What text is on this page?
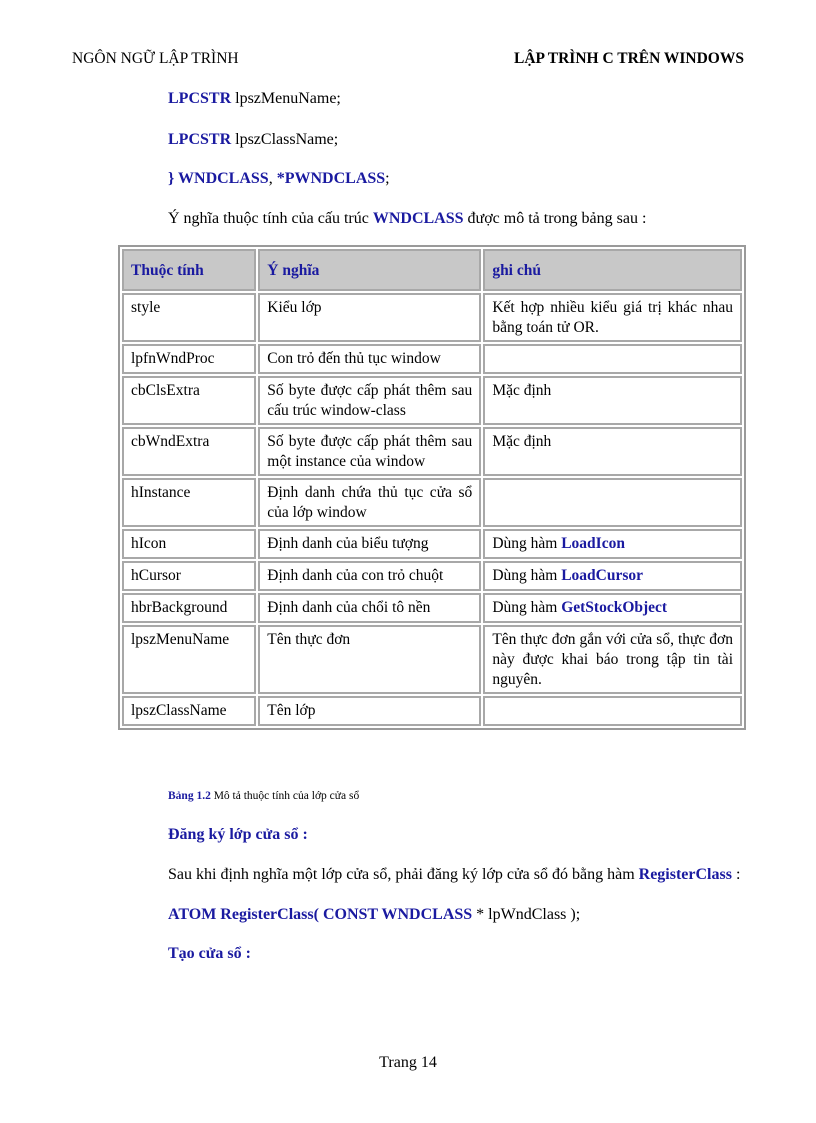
NGÔN NGỮ LẬP TRÌNH	LẬP TRÌNH C TRÊN WINDOWS
LPCSTR lpszMenuName;
LPCSTR lpszClassName;
} WNDCLASS, *PWNDCLASS;
Ý nghĩa thuộc tính của cấu trúc WNDCLASS được mô tả trong bảng sau :
Thuộc tính	Ý nghĩa	ghi chú
style	Kiểu lớp	Kết hợp nhiều kiểu giá trị khác nhau bằng toán tử OR.
lpfnWndProc	Con trỏ đến thủ tục window	
cbClsExtra	Số byte được cấp phát thêm sau cấu trúc window-class	Mặc định
cbWndExtra	Số byte được cấp phát thêm sau một instance của window	Mặc định
hInstance	Định danh chứa thủ tục cửa sổ của lớp window	
hIcon	Định danh của biểu tượng	Dùng hàm LoadIcon
hCursor	Định danh của con trỏ chuột	Dùng hàm LoadCursor
hbrBackground	Định danh của chổi tô nền	Dùng hàm GetStockObject
lpszMenuName	Tên thực đơn	Tên thực đơn gắn với cửa sổ, thực đơn này được khai báo trong tập tin tài nguyên.
lpszClassName	Tên lớp	
Bảng 1.2 Mô tả thuộc tính của lớp cửa sổ
Đăng ký lớp cửa sổ :
Sau khi định nghĩa một lớp cửa sổ, phải đăng ký lớp cửa sổ đó bằng hàm RegisterClass :
ATOM RegisterClass( CONST WNDCLASS * lpWndClass );
Tạo cửa sổ :
Trang 14
